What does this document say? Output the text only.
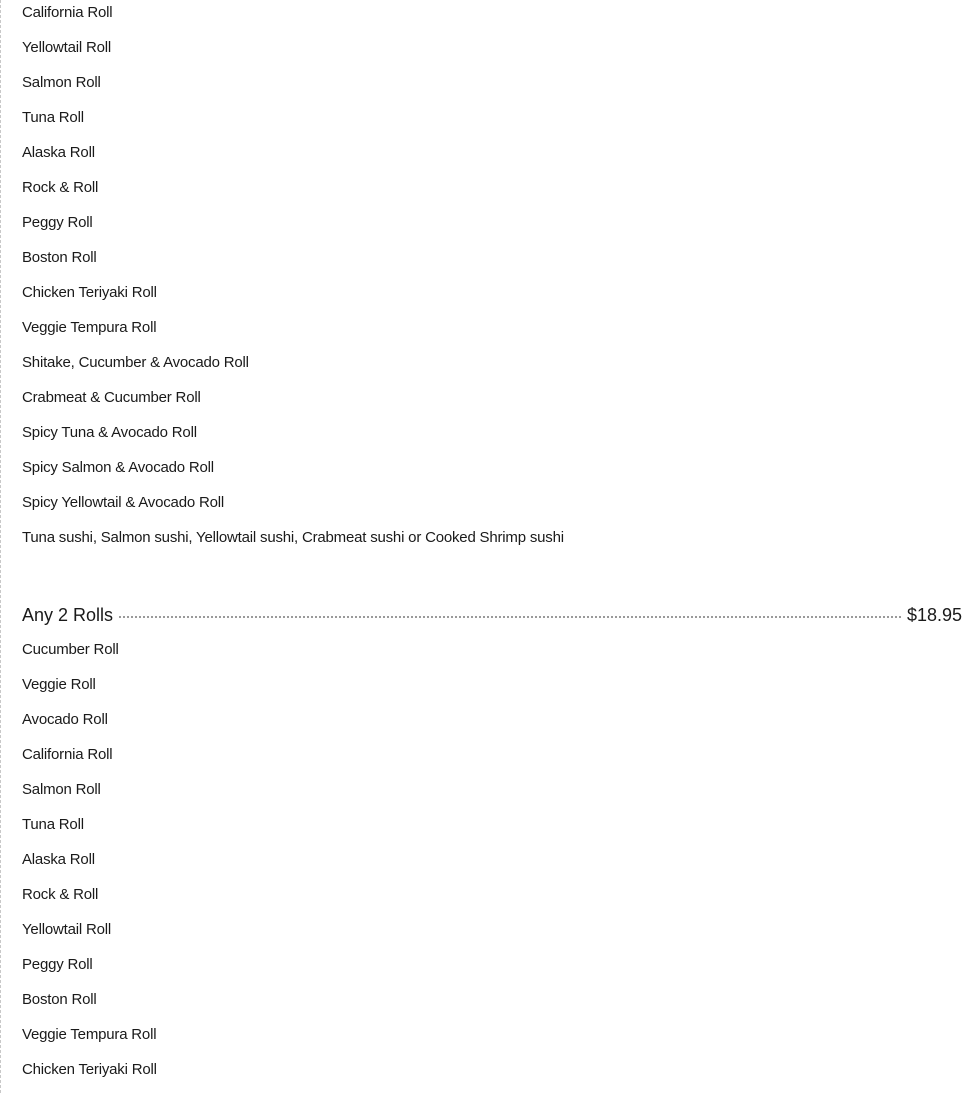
California Roll
Yellowtail Roll
Salmon Roll
Tuna Roll
Alaska Roll
Rock & Roll
Peggy Roll
Boston Roll
Chicken Teriyaki Roll
Veggie Tempura Roll
Shitake, Cucumber & Avocado Roll
Crabmeat & Cucumber Roll
Spicy Tuna & Avocado Roll
Spicy Salmon & Avocado Roll
Spicy Yellowtail & Avocado Roll
Tuna sushi, Salmon sushi, Yellowtail sushi, Crabmeat sushi or Cooked Shrimp sushi
Any 2 Rolls	$18.95
Cucumber Roll
Veggie Roll
Avocado Roll
California Roll
Salmon Roll
Tuna Roll
Alaska Roll
Rock & Roll
Yellowtail Roll
Peggy Roll
Boston Roll
Veggie Tempura Roll
Chicken Teriyaki Roll
